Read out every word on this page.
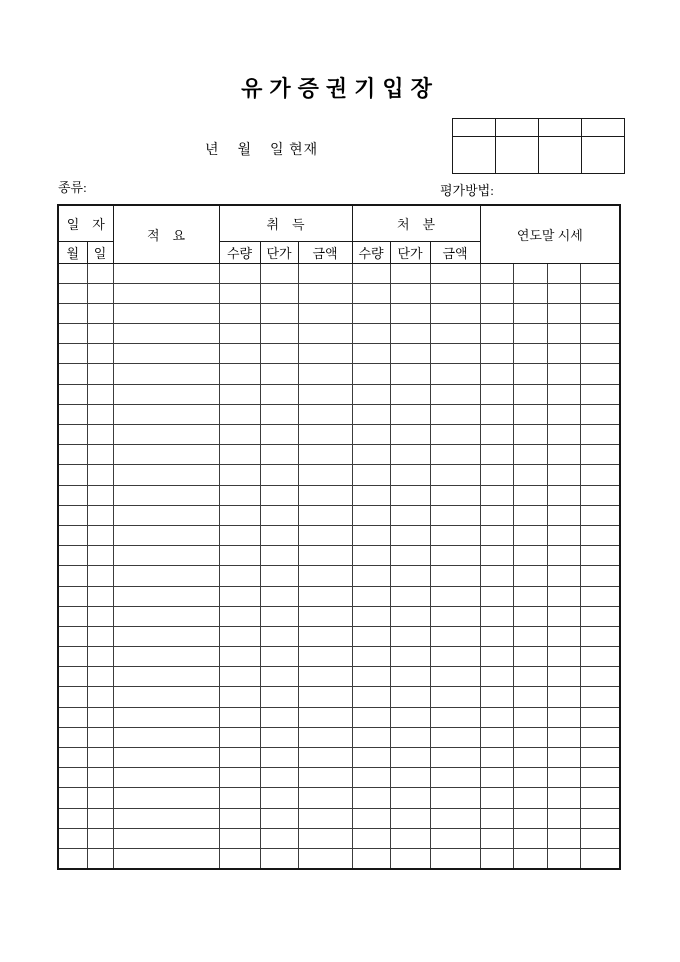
유가증권기입장

년    월    일 현재
종류:	평가방법:
일    자		적    요	취    득			처    분			연도말 시세			
월	일		수량	단가	금액	수량	단가	금액				
